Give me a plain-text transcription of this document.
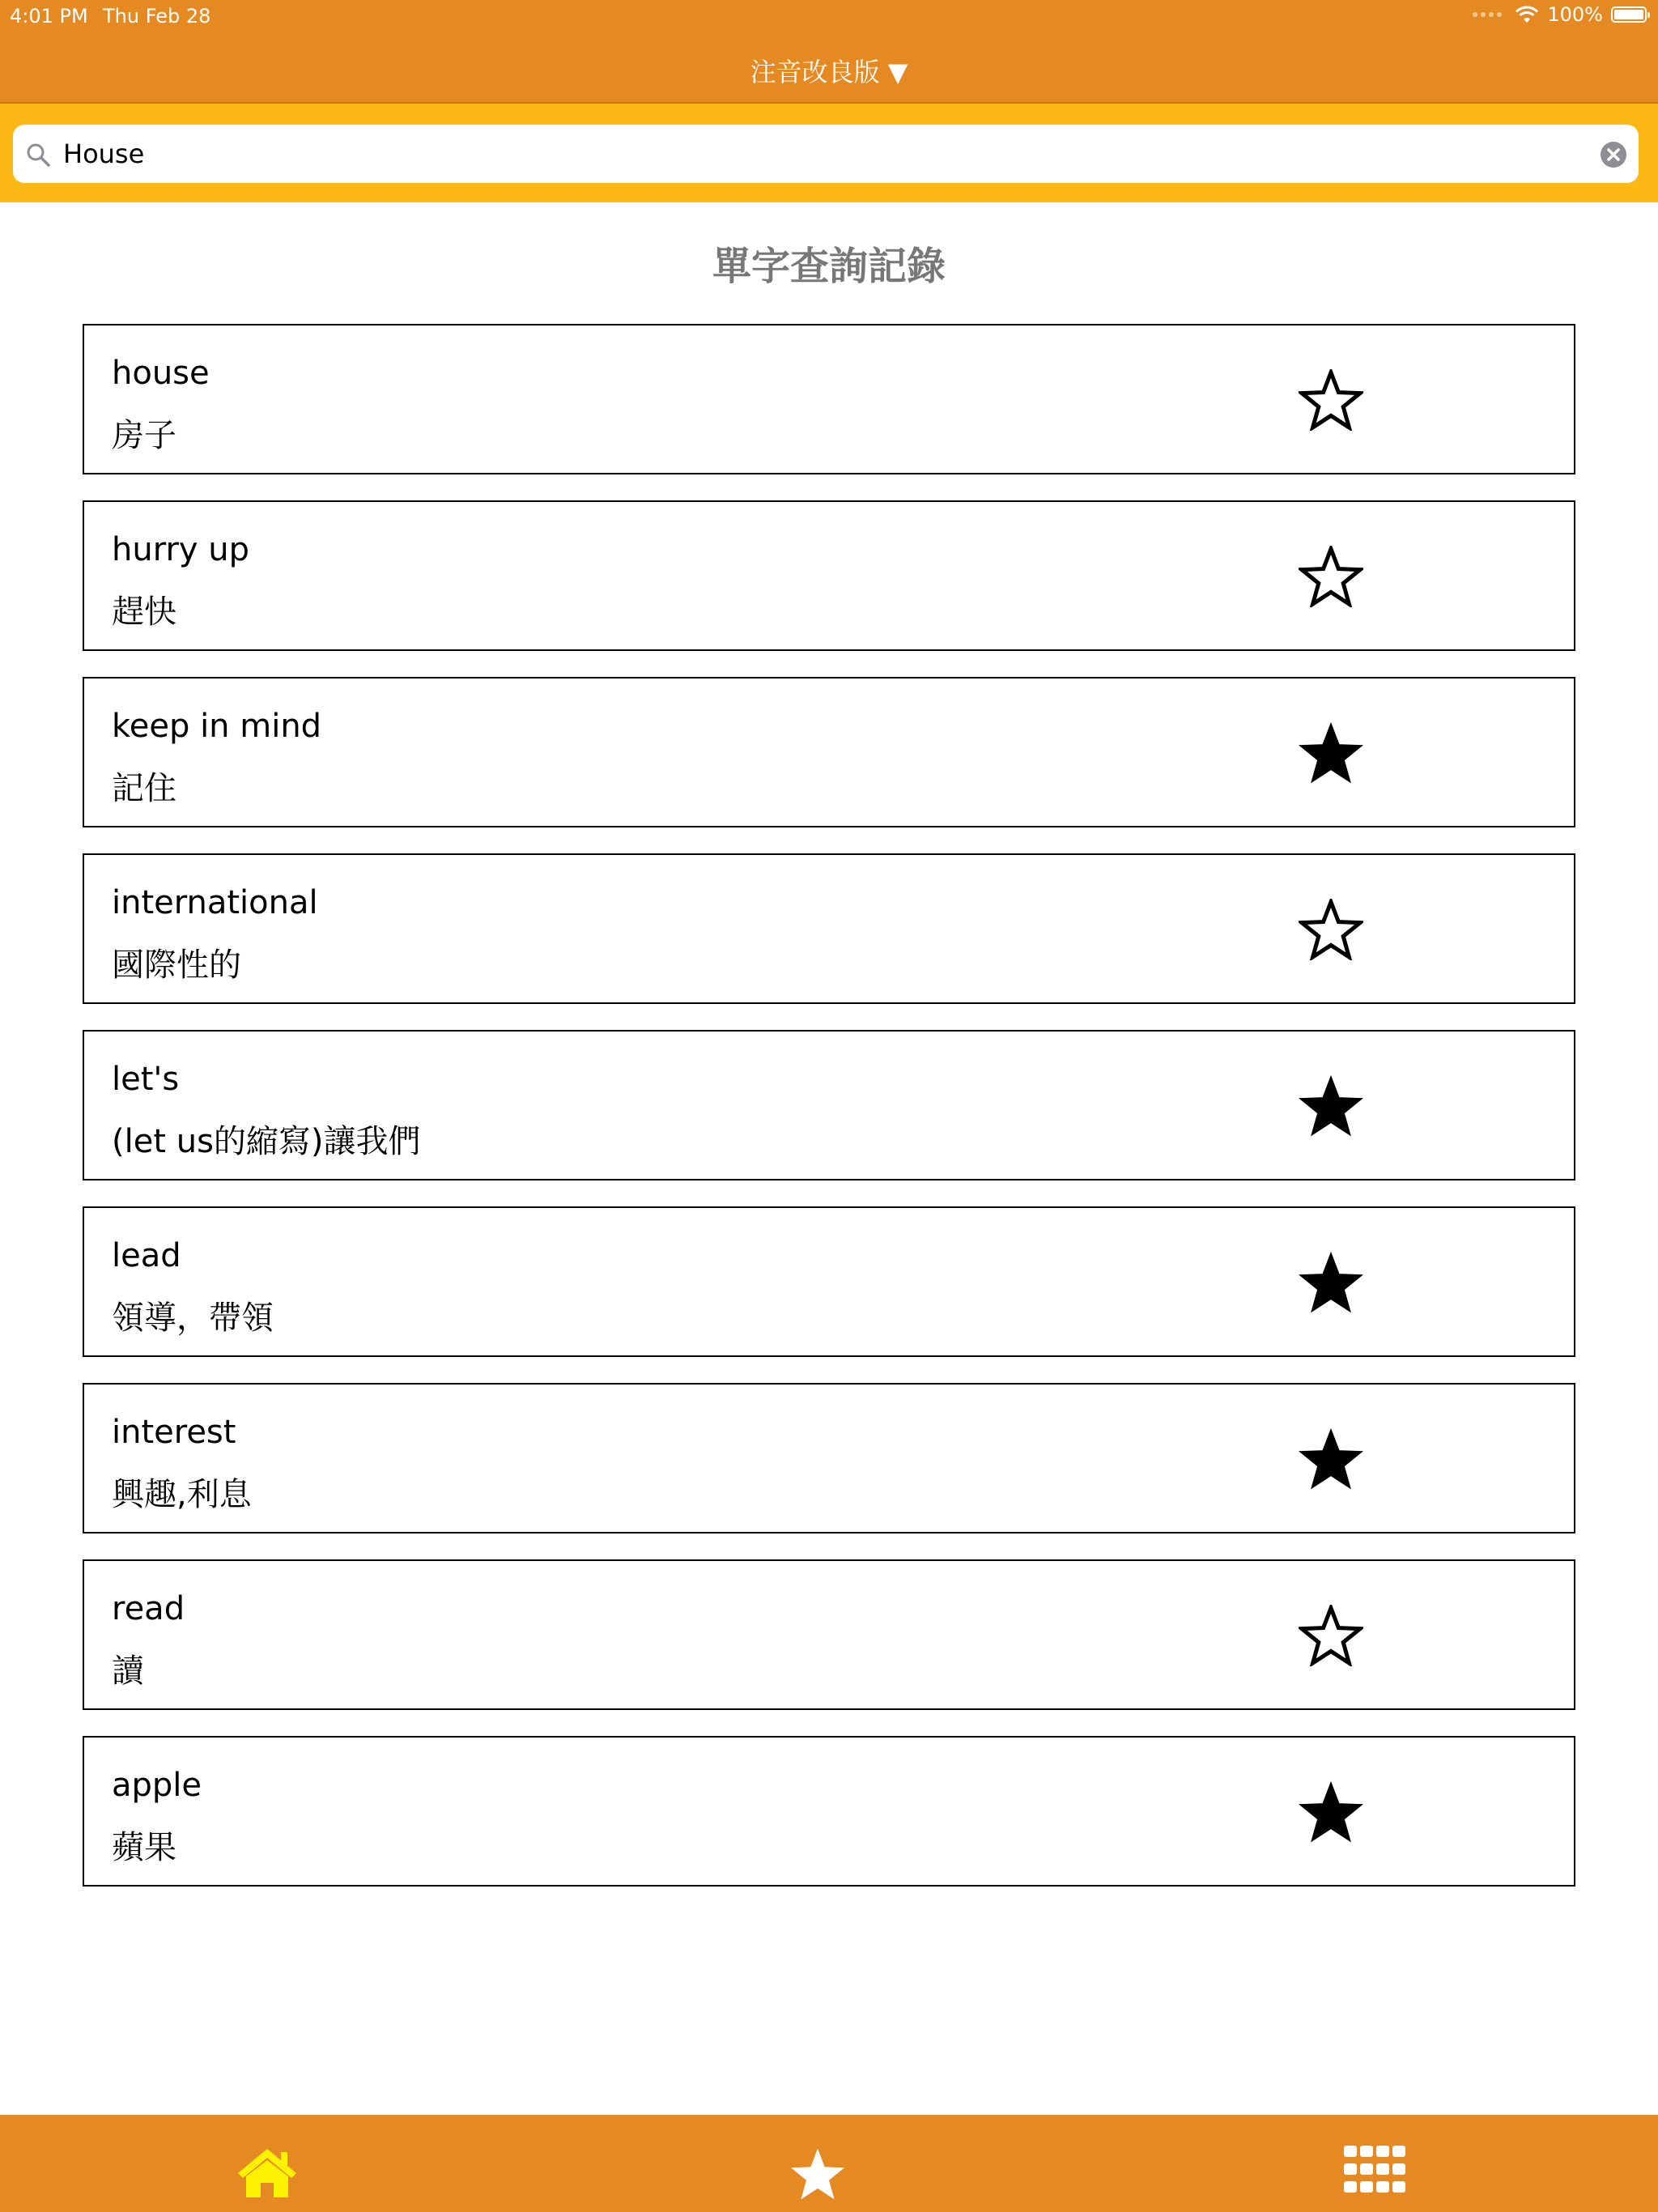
4:01 PM Thu Feb 28	100%
注音改良版 ▼
House
單字查詢記錄
house
房子
hurry up
趕快
keep in mind
記住
international
國際性的
let's
(let us的縮寫)讓我們
lead
領導，帶領
interest
興趣,利息
read
讀
apple
蘋果
